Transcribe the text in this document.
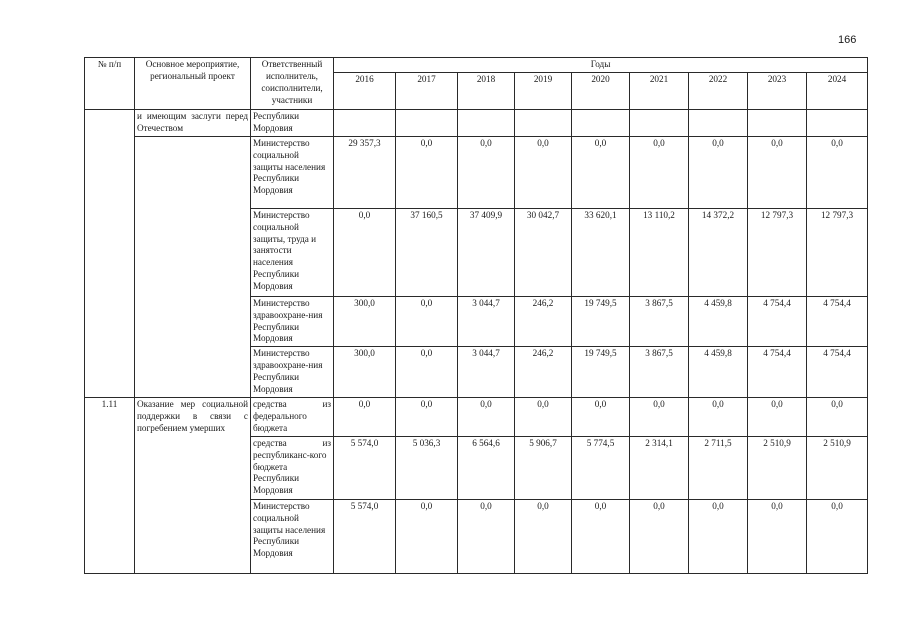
166
№ п/п	Основное мероприятие, региональный проект	Ответственный исполнитель, соисполнители, участники	Годы								
			2016	2017	2018	2019	2020	2021	2022	2023	2024
	и имеющим заслуги перед Отечеством	Республики Мордовия									
		Министерство социальной защиты населения Республики Мордовия	29 357,3	0,0	0,0	0,0	0,0	0,0	0,0	0,0	0,0
		Министерство социальной защиты, труда и занятости населения Республики Мордовия	0,0	37 160,5	37 409,9	30 042,7	33 620,1	13 110,2	14 372,2	12 797,3	12 797,3
		Министерство здравоохране-ния Республики Мордовия	300,0	0,0	3 044,7	246,2	19 749,5	3 867,5	4 459,8	4 754,4	4 754,4
		Министерство здравоохране-ния Республики Мордовия	300,0	0,0	3 044,7	246,2	19 749,5	3 867,5	4 459,8	4 754,4	4 754,4
1.11	Оказание мер социальной поддержки в связи с погребением умерших	средства из федерального бюджета	0,0	0,0	0,0	0,0	0,0	0,0	0,0	0,0	0,0
		средства из республиканс-кого бюджета Республики Мордовия	5 574,0	5 036,3	6 564,6	5 906,7	5 774,5	2 314,1	2 711,5	2 510,9	2 510,9
		Министерство социальной защиты населения Республики Мордовия	5 574,0	0,0	0,0	0,0	0,0	0,0	0,0	0,0	0,0
